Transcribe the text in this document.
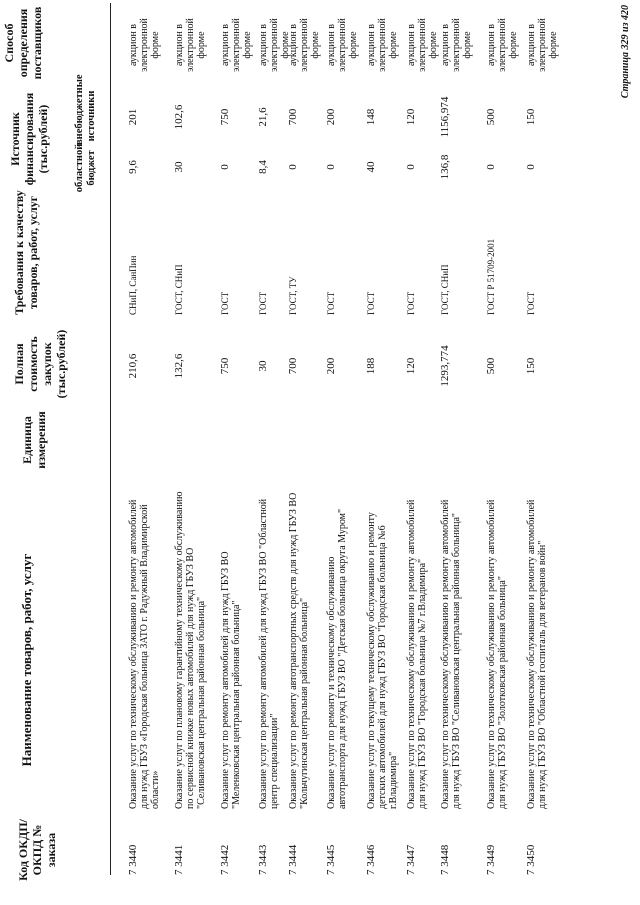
Код ОКДП/ ОКПД № заказа
Наименование товаров, работ, услуг
Единица измерения
Полная стоимость закупок (тыс.рублей)
Требования к качеству товаров, работ, услуг
Источник финансирования (тыс.рублей) областной бюджет
внебюджетные источники
Способ определения поставщиков
7 3440
Оказание услуг по техническому обслуживанию и ремонту автомобилей для нужд ГБУЗ «Городская больница ЗАТО г. Радужный Владимирской области»
210,6
СНиП, СанПин
9,6
201
аукцион в электронной форме
7 3441
Оказание услуг по плановому гарантийному техническому обслуживанию по сервисной книжке новых автомобилей для нужд ГБУЗ ВО "Селивановская центральная районная больница"
132,6
ГОСТ, СНиП
30
102,6
аукцион в электронной форме
7 3442
Оказание услуг по ремонту автомобилей для нужд ГБУЗ ВО "Меленковская центральная районная больница"
750
ГОСТ
0
750
аукцион в электронной форме
7 3443
Оказание услуг по ремонту автомобилей для нужд ГБУЗ ВО "Областной центр специализации"
30
ГОСТ
8,4
21,6
аукцион в электронной форме
7 3444
Оказание услуг по ремонту автотранспортных средств для нужд ГБУЗ ВО "Кольчугинская центральная районная больница"
700
ГОСТ, ТУ
0
700
аукцион в электронной форме
7 3445
Оказание услуг по ремонту и техническому обслуживанию автотранспорта для нужд ГБУЗ ВО "Детская больница округа Муром"
200
ГОСТ
0
200
аукцион в электронной форме
7 3446
Оказание услуг по текущему техническому обслуживанию и ремонту детских автомобилей для нужд ГБУЗ ВО "Городская больница №6 г.Владимира"
188
ГОСТ
40
148
аукцион в электронной форме
7 3447
Оказание услуг по техническому обслуживанию и ремонту автомобилей для нужд ГБУЗ ВО "Городская больница №7 г.Владимира"
120
ГОСТ
0
120
аукцион в электронной форме
7 3448
Оказание услуг по техническому обслуживанию и ремонту автомобилей для нужд ГБУЗ ВО "Селивановская центральная районная больница"
1293,774
ГОСТ, СНиП
136,8
1156,974
аукцион в электронной форме
7 3449
Оказание услуг по техническому обслуживанию и ремонту автомобилей для нужд ГБУЗ ВО "Золотковская районная больница"
500
ГОСТ Р 51709-2001
0
500
аукцион в электронной форме
7 3450
Оказание услуг по техническому обслуживанию и ремонту автомобилей для нужд ГБУЗ ВО "Областной госпиталь для ветеранов войн"
150
ГОСТ
0
150
аукцион в электронной форме	Страница 329 из 420
